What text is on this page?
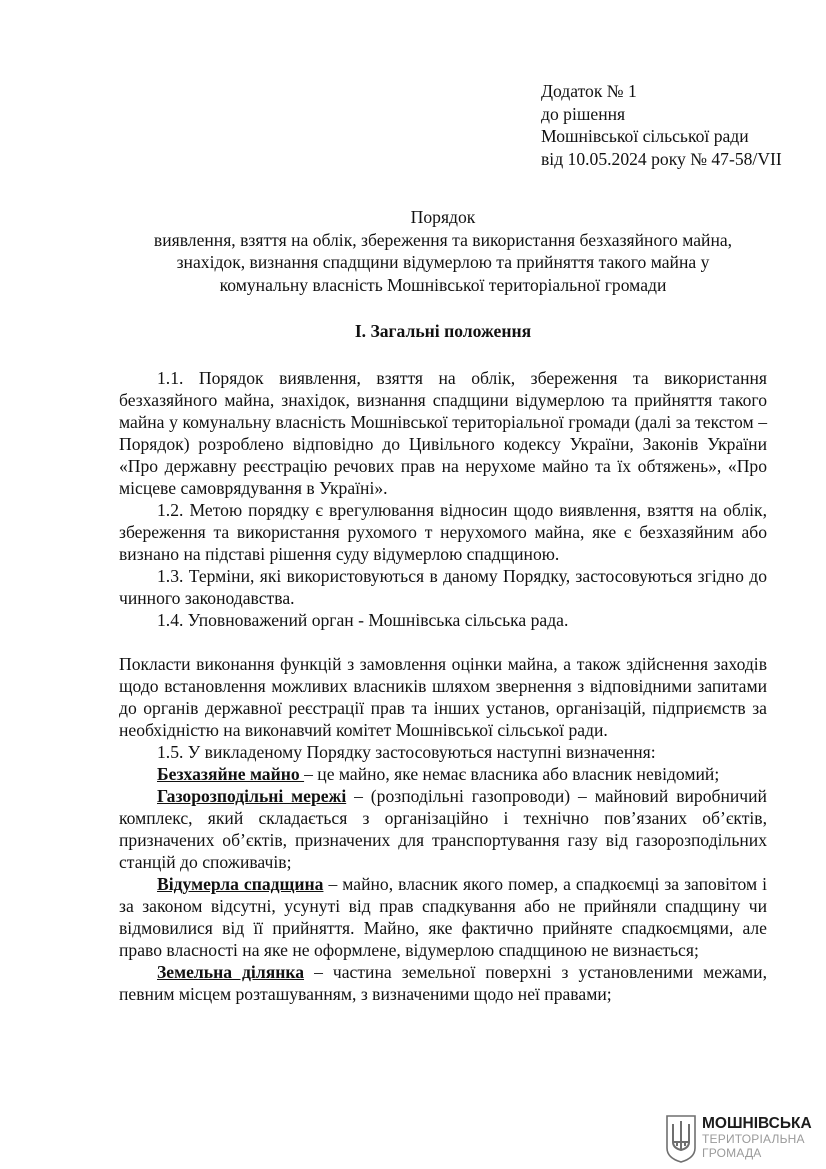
Додаток № 1
до рішення
Мошнівської сільської ради
від 10.05.2024 року № 47-58/VII
Порядок
виявлення, взяття на облік, збереження та використання безхазяйного майна,
знахідок, визнання спадщини відумерлою та прийняття такого майна у
комунальну власність Мошнівської територіальної громади
I. Загальні положення

1.1. Порядок виявлення, взяття на облік, збереження та використання безхазяйного майна, знахідок, визнання спадщини відумерлою та прийняття такого майна у комунальну власність Мошнівської територіальної громади (далі за текстом – Порядок) розроблено відповідно до Цивільного кодексу України, Законів України «Про державну реєстрацію речових прав на нерухоме майно та їх обтяжень», «Про місцеве самоврядування в Україні».

1.2. Метою порядку є врегулювання відносин щодо виявлення, взяття на облік, збереження та використання рухомого т нерухомого майна, яке є безхазяйним або визнано на підставі рішення суду відумерлою спадщиною.

1.3. Терміни, які використовуються в даному Порядку, застосовуються згідно до чинного законодавства.

1.4. Уповноважений орган - Мошнівська сільська рада.

Покласти виконання функцій з замовлення оцінки майна, а також здійснення заходів щодо встановлення можливих власників шляхом звернення з відповідними запитами до органів державної реєстрації прав та інших установ, організацій, підприємств за необхідністю на виконавчий комітет Мошнівської сільської ради.

1.5. У викладеному Порядку застосовуються наступні визначення:

Безхазяйне майно – це майно, яке немає власника або власник невідомий;

Газорозподільні мережі – (розподільні газопроводи) – майновий виробничий комплекс, який складається з організаційно і технічно пов’язаних об’єктів, призначених об’єктів, призначених для транспортування газу від газорозподільних станцій до споживачів;

Відумерла спадщина – майно, власник якого помер, а спадкоємці за заповітом і за законом відсутні, усунуті від прав спадкування або не прийняли спадщину чи відмовилися від її прийняття. Майно, яке фактично прийняте спадкоємцями, але право власності на яке не оформлене, відумерлою спадщиною не визнається;

Земельна ділянка – частина земельної поверхні з установленими межами, певним місцем розташуванням, з визначеними щодо неї правами;

МОШНІВСЬКА
ТЕРИТОРІАЛЬНА
ГРОМАДА
